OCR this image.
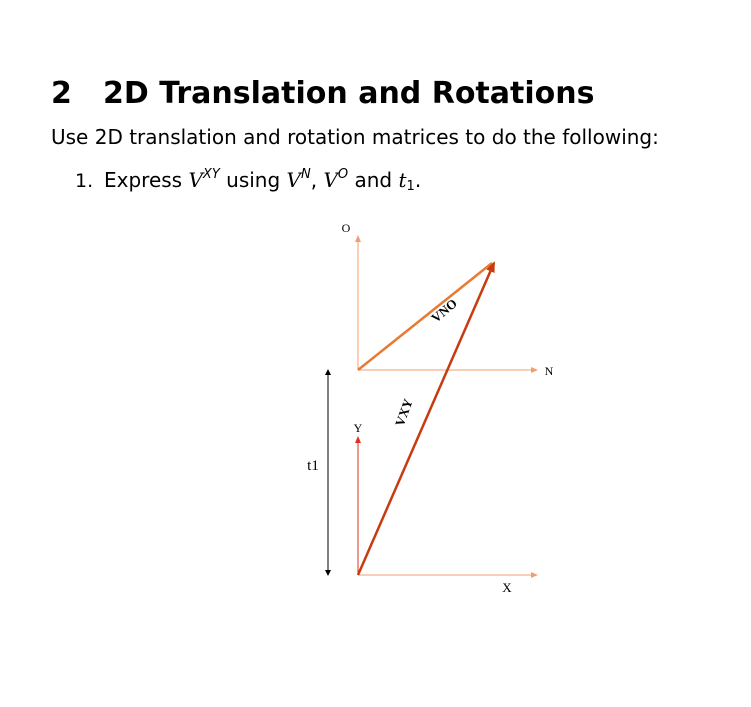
2 2D Translation and Rotations

Use 2D translation and rotation matrices to do the following:

1. Express $V^{XY}$ using $V^N$, $V^O$ and $t_1$.
O
N
Y
X
t1
VNO
VXY
